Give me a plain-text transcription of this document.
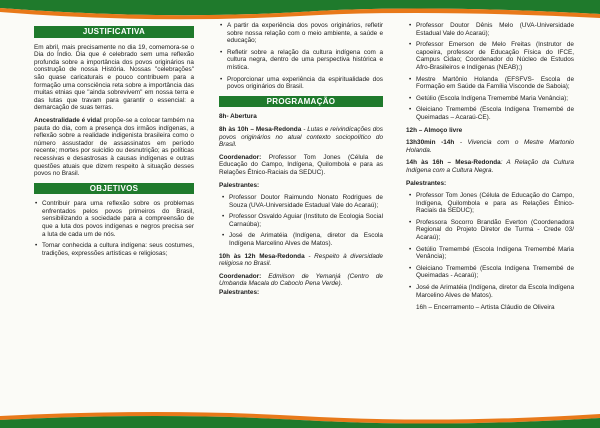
JUSTIFICATIVA

Em abril, mais precisamente no dia 19, comemora-se o Dia do Índio. Dia que é celebrado sem uma reflexão profunda sobre a importância dos povos originários na construção de nossa História. Nossas "celebrações" são quase caricaturais e pouco contribuem para a formação uma consciência reta sobre a importância das muitas etnias que "ainda sobrevivem" em nossa terra e das lutas que travam para garantir o essencial: a demarcação de suas terras.

Ancestralidade é vida! propõe-se a colocar também na pauta do dia, com a presença dos irmãos indígenas, a reflexão sobre a realidade indigenista brasileira como o número assustador de assassinatos em período recente; mortes por suicídio ou desnutrição; as políticas recessivas e desastrosas à causas indígenas e outras questões atuais que dizem respeito à situação desses povos no Brasil.

OBJETIVOS
• Contribuir para uma reflexão sobre os problemas enfrentados pelos povos primeiros do Brasil, sensibilizando a sociedade para a compreensão de que a luta dos povos indígenas e negros precisa ser a luta de cada um de nós.
• Tornar conhecida a cultura indígena: seus costumes, tradições, expressões artísticas e religiosas;
• A partir da experiência dos povos originários, refletir sobre nossa relação com o meio ambiente, a saúde e educação;
• Refletir sobre a relação da cultura indígena com a cultura negra, dentro de uma perspectiva histórica e mística.
• Proporcionar uma experiência da espiritualidade dos povos originários do Brasil.
PROGRAMAÇÃO

8h- Abertura

8h às 10h – Mesa-Redonda - Lutas e reivindicações dos povos originários no atual contexto sociopolítico do Brasil.

Coordenador: Professor Tom Jones (Célula de Educação do Campo, Indígena, Quilombola e para as Relações Étnico-Raciais da SEDUC).

Palestrantes:

• Professor Doutor Raimundo Nonato Rodrigues de Souza (UVA-Universidade Estadual Vale do Acaraú);
• Professor Osvaldo Aguiar (Instituto de Ecologia Social Carnaúba);
• José de Arimatéia (Indígena, diretor da Escola Indígena Marcelino Alves de Matos).

10h às 12h Mesa-Redonda - Respeito à diversidade religiosa no Brasil.

Coordenador: Edmilson de Yemanjá (Centro de Umbanda Macala do Caboclo Pena Verde).

Palestrantes:

• Professor Doutor Dênis Melo (UVA-Universidade Estadual Vale do Acaraú);
• Professor Emerson de Melo Freitas (Instrutor de capoeira, professor de Educação Física do IFCE, Campus Cidao; Coordenador do Núcleo de Estudos Afro-Brasileiros e Indígenas (NEAB);)
• Mestre Martônio Holanda (EFSFVS- Escola de Formação em Saúde da Família Visconde de Saboia);
• Getúlio (Escola Indígena Tremembé Maria Venância);
• Gleiciano Tremembé (Escola Indígena Tremembé de Queimadas – Acaraú-CE).

12h – Almoço livre

13h30min -14h - Vivencia com o Mestre Martonio Holanda.

14h às 16h – Mesa-Redonda: A Relação da Cultura Indígena com a Cultura Negra.

Palestrantes:

• Professor Tom Jones (Célula de Educação do Campo, Indígena, Quilombola e para as Relações Étnico-Raciais da SEDUC);
• Professora Socorro Brandão Everton (Coordenadora Regional do Projeto Diretor de Turma - Crede 03/ Acaraú);
• Getúlio Tremembé (Escola Indígena Tremembé Maria Venância);
• Gleiciano Tremembé (Escola Indígena Tremembé de Queimadas - Acaraú);
• José de Arimatéia (Indígena, diretor da Escola Indígena Marcelino Alves de Matos).

16h – Encerramento – Artista Cláudio de Oliveira
